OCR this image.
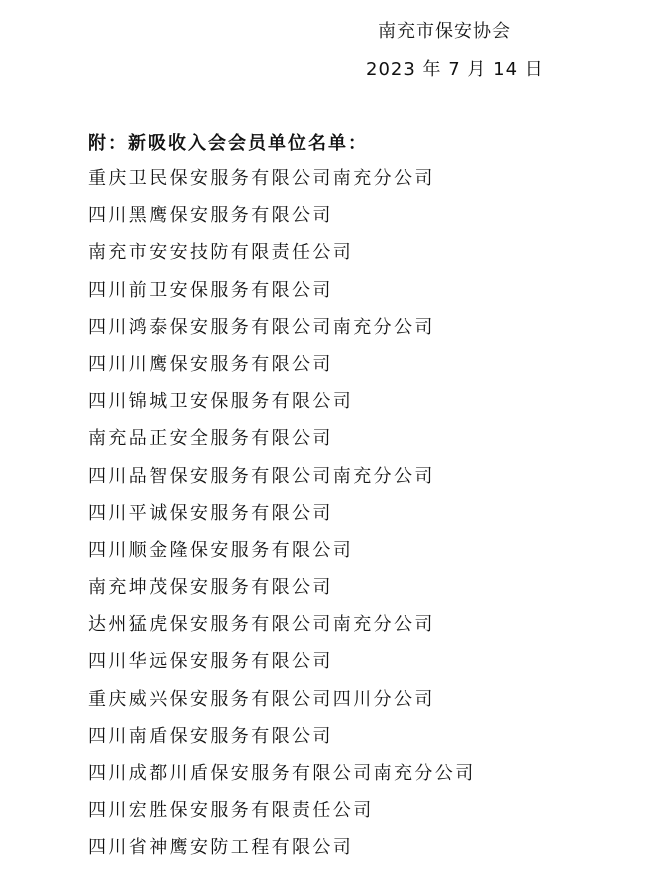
南充市保安协会
2023 年 7 月 14 日
附：新吸收入会会员单位名单：
重庆卫民保安服务有限公司南充分公司
四川黑鹰保安服务有限公司
南充市安安技防有限责任公司
四川前卫安保服务有限公司
四川鸿泰保安服务有限公司南充分公司
四川川鹰保安服务有限公司
四川锦城卫安保服务有限公司
南充品正安全服务有限公司
四川品智保安服务有限公司南充分公司
四川平诚保安服务有限公司
四川顺金隆保安服务有限公司
南充坤茂保安服务有限公司
达州猛虎保安服务有限公司南充分公司
四川华远保安服务有限公司
重庆威兴保安服务有限公司四川分公司
四川南盾保安服务有限公司
四川成都川盾保安服务有限公司南充分公司
四川宏胜保安服务有限责任公司
四川省神鹰安防工程有限公司
